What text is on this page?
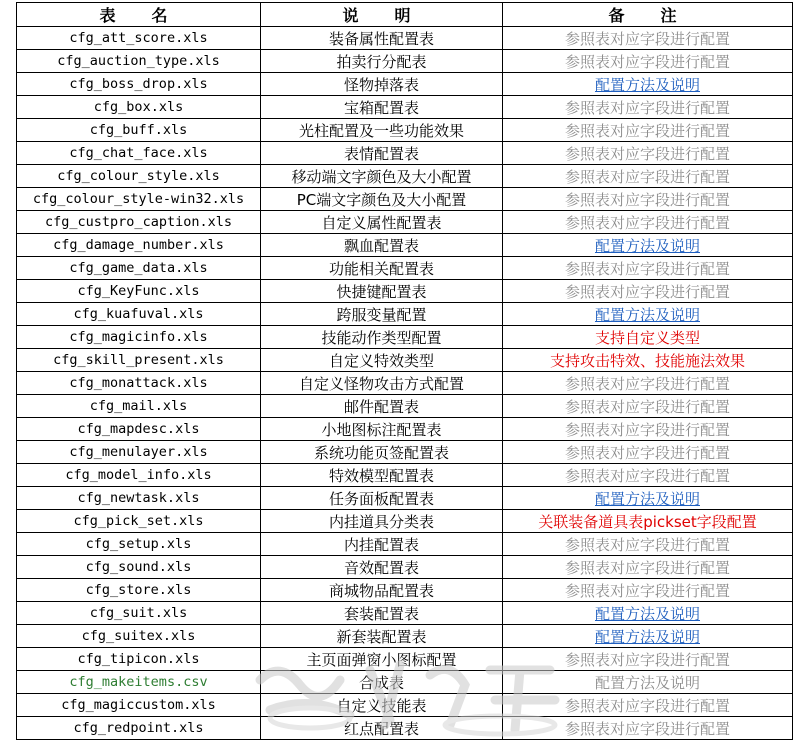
表　名	说　明	备　注
cfg_att_score.xls	装备属性配置表	参照表对应字段进行配置
cfg_auction_type.xls	拍卖行分配表	参照表对应字段进行配置
cfg_boss_drop.xls	怪物掉落表	配置方法及说明
cfg_box.xls	宝箱配置表	参照表对应字段进行配置
cfg_buff.xls	光柱配置及一些功能效果	参照表对应字段进行配置
cfg_chat_face.xls	表情配置表	参照表对应字段进行配置
cfg_colour_style.xls	移动端文字颜色及大小配置	参照表对应字段进行配置
cfg_colour_style-win32.xls	PC端文字颜色及大小配置	参照表对应字段进行配置
cfg_custpro_caption.xls	自定义属性配置表	参照表对应字段进行配置
cfg_damage_number.xls	飘血配置表	配置方法及说明
cfg_game_data.xls	功能相关配置表	参照表对应字段进行配置
cfg_KeyFunc.xls	快捷键配置表	参照表对应字段进行配置
cfg_kuafuval.xls	跨服变量配置	配置方法及说明
cfg_magicinfo.xls	技能动作类型配置	支持自定义类型
cfg_skill_present.xls	自定义特效类型	支持攻击特效、技能施法效果
cfg_monattack.xls	自定义怪物攻击方式配置	参照表对应字段进行配置
cfg_mail.xls	邮件配置表	参照表对应字段进行配置
cfg_mapdesc.xls	小地图标注配置表	参照表对应字段进行配置
cfg_menulayer.xls	系统功能页签配置表	参照表对应字段进行配置
cfg_model_info.xls	特效模型配置表	参照表对应字段进行配置
cfg_newtask.xls	任务面板配置表	配置方法及说明
cfg_pick_set.xls	内挂道具分类表	关联装备道具表pickset字段配置
cfg_setup.xls	内挂配置表	参照表对应字段进行配置
cfg_sound.xls	音效配置表	参照表对应字段进行配置
cfg_store.xls	商城物品配置表	参照表对应字段进行配置
cfg_suit.xls	套装配置表	配置方法及说明
cfg_suitex.xls	新套装配置表	配置方法及说明
cfg_tipicon.xls	主页面弹窗小图标配置	参照表对应字段进行配置
cfg_makeitems.csv	合成表	配置方法及说明
cfg_magiccustom.xls	自定义技能表	参照表对应字段进行配置
cfg_redpoint.xls	红点配置表	参照表对应字段进行配置
